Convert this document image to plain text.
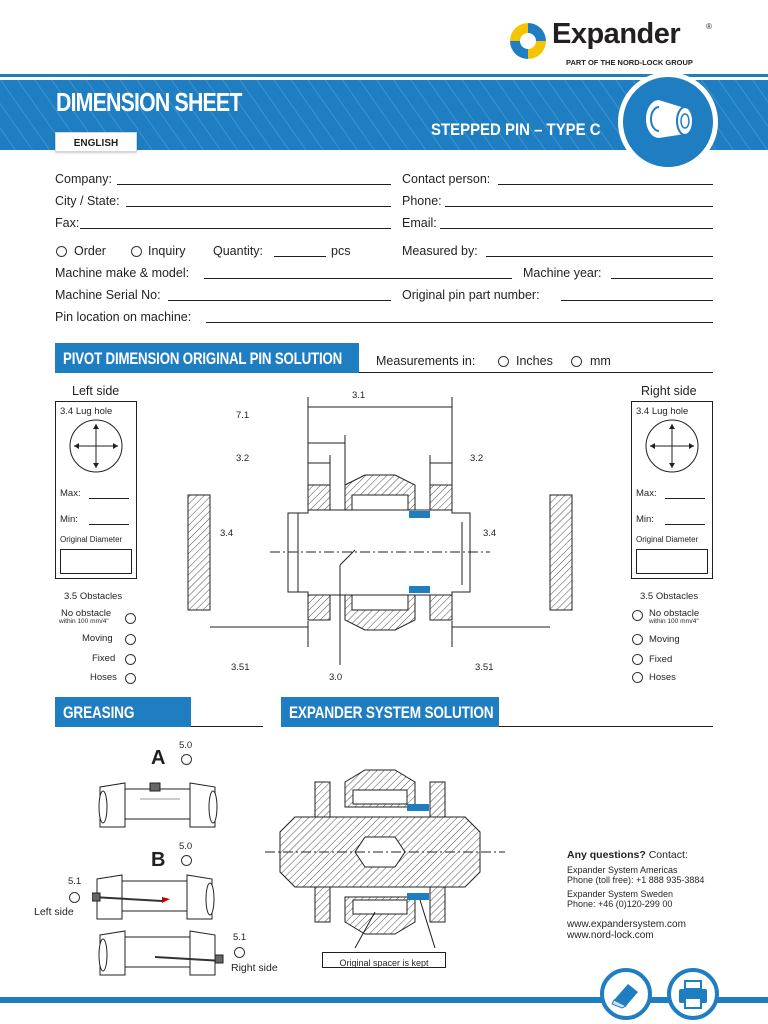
Expander	®
PART OF THE NORD-LOCK GROUP
DIMENSION SHEET
ENGLISH
STEPPED PIN – TYPE C
Company:	Contact person:
City / State:	Phone:
Fax:	Email:
Order	Inquiry Quantity:	pcs	Measured by:
Machine make & model:	Machine year:
Machine Serial No:	Original pin part number:
Pin location on machine:
PIVOT DIMENSION ORIGINAL PIN SOLUTION	Measurements in:	Inches	mm
Left side	Right side
3.4 Lug hole
Max:
Min:
Original Diameter
3.4 Lug hole
Max:
Min:
Original Diameter
3.5 Obstacles
No obstacle
within 100 mm/4"
Moving
Fixed
Hoses
3.5 Obstacles
No obstacle
within 100 mm/4"
Moving
Fixed
Hoses
3.1
7.1
3.2	3.2
3.4	3.4
3.51	3.51
3.0
GREASING
A
5.0
B
5.0
5.1
Left side
5.1
Right side
EXPANDER SYSTEM SOLUTION
Original spacer is kept
Any questions? Contact:
Expander System Americas
Phone (toll free): +1 888 935-3884
Expander System Sweden
Phone: +46 (0)120-299 00
www.expandersystem.com
www.nord-lock.com
